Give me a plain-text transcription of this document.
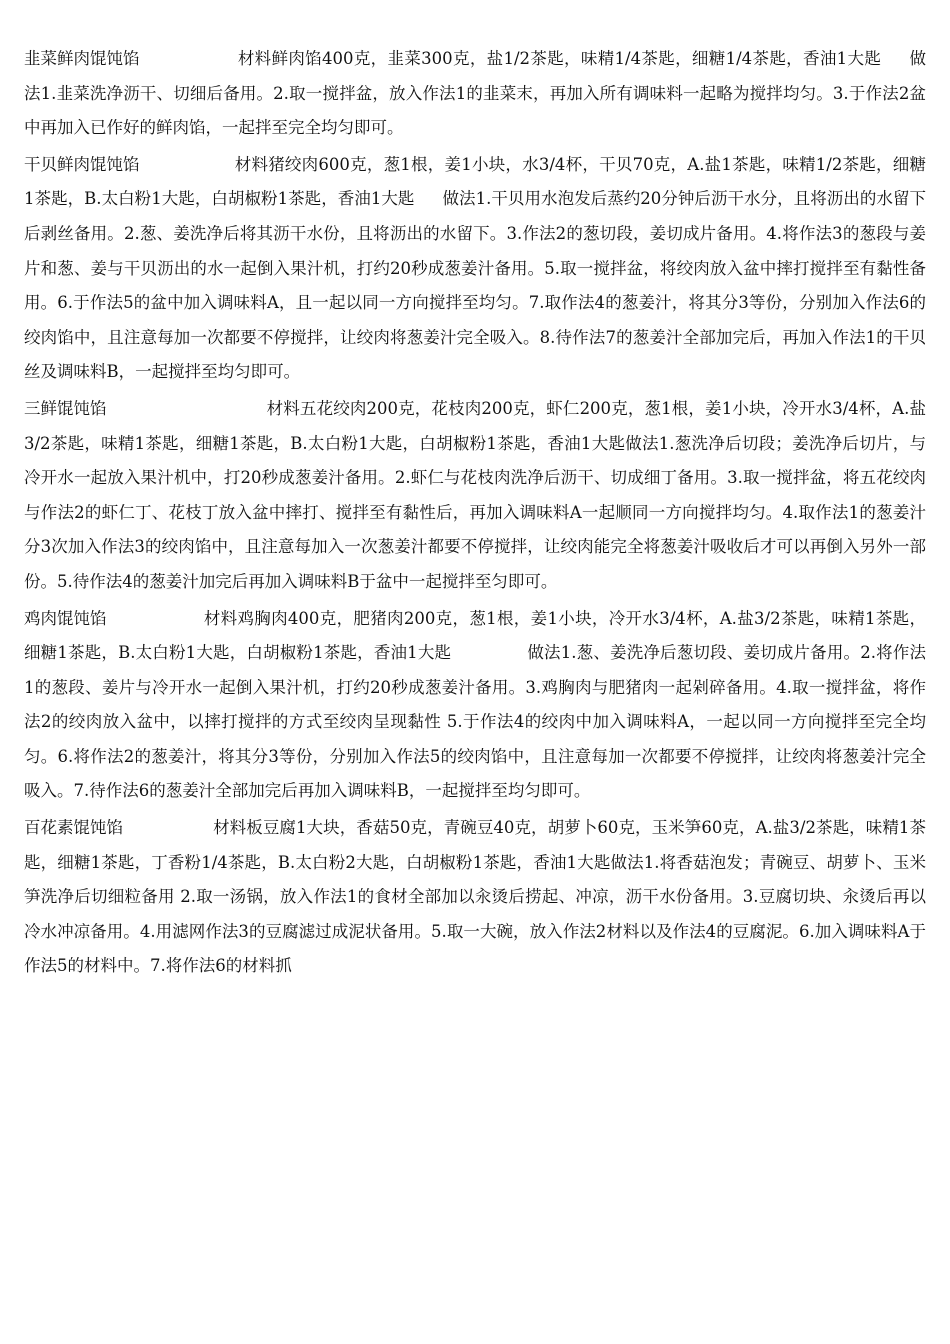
韭菜鲜肉馄饨馅	材料鲜肉馅400克，韭菜300克，盐1/2茶匙，味精1/4茶匙，细糖1/4茶匙，香油1大匙 做法1.韭菜洗净沥干、切细后备用。2.取一搅拌盆，放入作法1的韭菜末，再加入所有调味料一起略为搅拌均匀。3.于作法2盆中再加入已作好的鲜肉馅，一起拌至完全均匀即可。

干贝鲜肉馄饨馅	材料猪绞肉600克，葱1根，姜1小块，水3/4杯，干贝70克，A.盐1茶匙，味精1/2茶匙，细糖1茶匙，B.太白粉1大匙，白胡椒粉1茶匙，香油1大匙 做法1.干贝用水泡发后蒸约20分钟后沥干水分，且将沥出的水留下后剥丝备用。2.葱、姜洗净后将其沥干水份，且将沥出的水留下。3.作法2的葱切段，姜切成片备用。4.将作法3的葱段与姜片和葱、姜与干贝沥出的水一起倒入果汁机，打约20秒成葱姜汁备用。5.取一搅拌盆，将绞肉放入盆中摔打搅拌至有黏性备用。6.于作法5的盆中加入调味料A，且一起以同一方向搅拌至均匀。7.取作法4的葱姜汁，将其分3等份，分别加入作法6的绞肉馅中，且注意每加一次都要不停搅拌，让绞肉将葱姜汁完全吸入。8.待作法7的葱姜汁全部加完后，再加入作法1的干贝丝及调味料B，一起搅拌至均匀即可。

三鲜馄饨馅	材料五花绞肉200克，花枝肉200克，虾仁200克，葱1根，姜1小块，冷开水3/4杯，A.盐3/2茶匙，味精1茶匙，细糖1茶匙，B.太白粉1大匙，白胡椒粉1茶匙，香油1大匙做法1.葱洗净后切段；姜洗净后切片，与冷开水一起放入果汁机中，打20秒成葱姜汁备用。2.虾仁与花枝肉洗净后沥干、切成细丁备用。3.取一搅拌盆，将五花绞肉与作法2的虾仁丁、花枝丁放入盆中摔打、搅拌至有黏性后，再加入调味料A一起顺同一方向搅拌均匀。4.取作法1的葱姜汁分3次加入作法3的绞肉馅中，且注意每加入一次葱姜汁都要不停搅拌，让绞肉能完全将葱姜汁吸收后才可以再倒入另外一部份。5.待作法4的葱姜汁加完后再加入调味料B于盆中一起搅拌至匀即可。

鸡肉馄饨馅	材料鸡胸肉400克，肥猪肉200克，葱1根，姜1小块，冷开水3/4杯，A.盐3/2茶匙，味精1茶匙，细糖1茶匙，B.太白粉1大匙，白胡椒粉1茶匙，香油1大匙	做法1.葱、姜洗净后葱切段、姜切成片备用。2.将作法1的葱段、姜片与冷开水一起倒入果汁机，打约20秒成葱姜汁备用。3.鸡胸肉与肥猪肉一起剁碎备用。4.取一搅拌盆，将作法2的绞肉放入盆中，以摔打搅拌的方式至绞肉呈现黏性 5.于作法4的绞肉中加入调味料A，一起以同一方向搅拌至完全均匀。6.将作法2的葱姜汁，将其分3等份，分别加入作法5的绞肉馅中，且注意每加一次都要不停搅拌，让绞肉将葱姜汁完全吸入。7.待作法6的葱姜汁全部加完后再加入调味料B，一起搅拌至均匀即可。

百花素馄饨馅	材料板豆腐1大块，香菇50克，青碗豆40克，胡萝卜60克，玉米笋60克，A.盐3/2茶匙，味精1茶匙，细糖1茶匙，丁香粉1/4茶匙，B.太白粉2大匙，白胡椒粉1茶匙，香油1大匙做法1.将香菇泡发；青碗豆、胡萝卜、玉米笋洗净后切细粒备用 2.取一汤锅，放入作法1的食材全部加以汆烫后捞起、冲凉，沥干水份备用。3.豆腐切块、汆烫后再以冷水冲凉备用。4.用滤网作法3的豆腐滤过成泥状备用。5.取一大碗，放入作法2材料以及作法4的豆腐泥。6.加入调味料A于作法5的材料中。7.将作法6的材料抓
